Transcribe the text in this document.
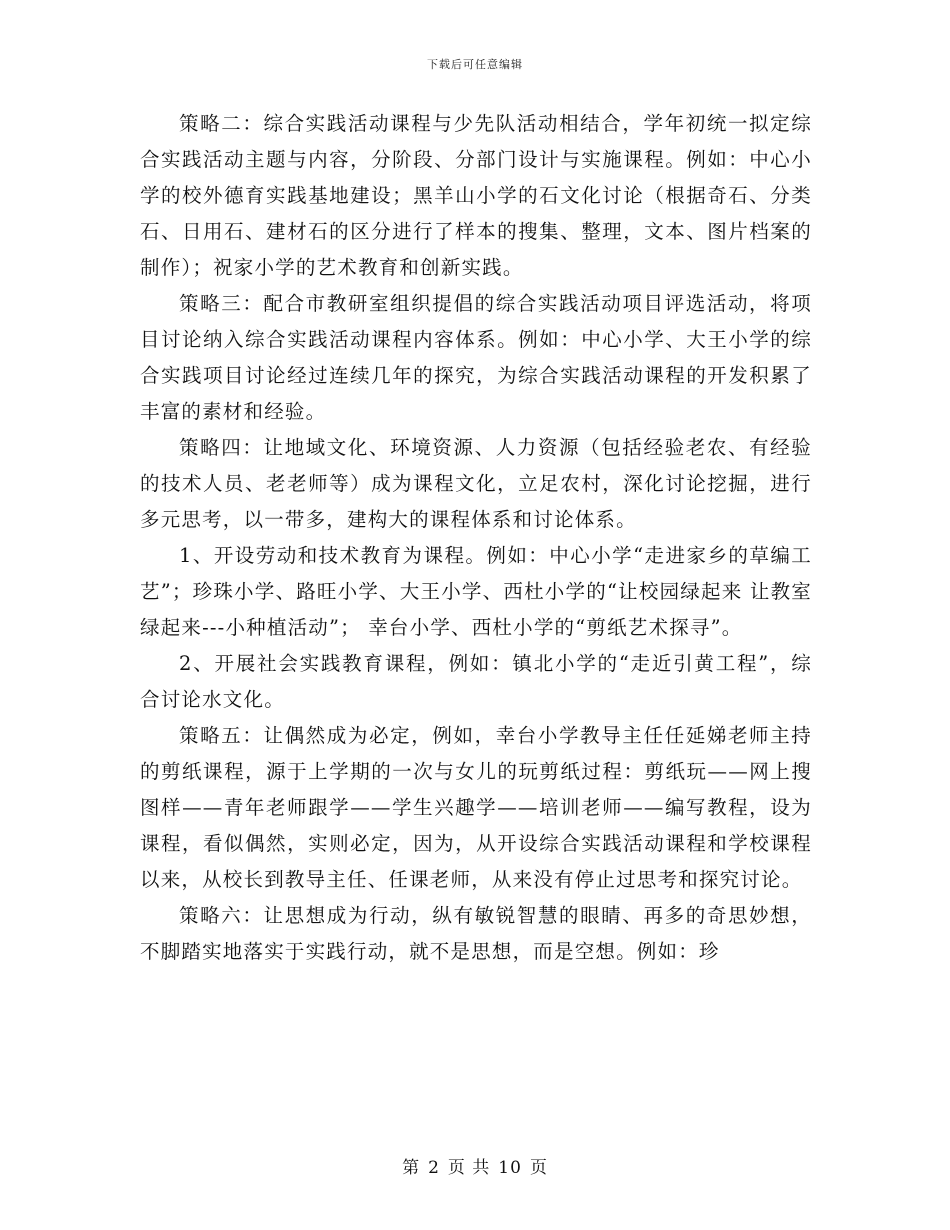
下载后可任意编辑

策略二：综合实践活动课程与少先队活动相结合，学年初统一拟定综合实践活动主题与内容，分阶段、分部门设计与实施课程。例如：中心小学的校外德育实践基地建设；黑羊山小学的石文化讨论（根据奇石、分类石、日用石、建材石的区分进行了样本的搜集、整理，文本、图片档案的制作）；祝家小学的艺术教育和创新实践。

策略三：配合市教研室组织提倡的综合实践活动项目评选活动，将项目讨论纳入综合实践活动课程内容体系。例如：中心小学、大王小学的综合实践项目讨论经过连续几年的探究，为综合实践活动课程的开发积累了丰富的素材和经验。

策略四：让地域文化、环境资源、人力资源（包括经验老农、有经验的技术人员、老老师等）成为课程文化，立足农村，深化讨论挖掘，进行多元思考，以一带多，建构大的课程体系和讨论体系。

1、开设劳动和技术教育为课程。例如：中心小学“走进家乡的草编工艺”；珍珠小学、路旺小学、大王小学、西杜小学的“让校园绿起来 让教室绿起来---小种植活动”； 幸台小学、西杜小学的“剪纸艺术探寻”。

2、开展社会实践教育课程，例如：镇北小学的“走近引黄工程”，综合讨论水文化。

策略五：让偶然成为必定，例如，幸台小学教导主任任延娣老师主持的剪纸课程，源于上学期的一次与女儿的玩剪纸过程：剪纸玩——网上搜图样——青年老师跟学——学生兴趣学——培训老师——编写教程，设为课程，看似偶然，实则必定，因为，从开设综合实践活动课程和学校课程以来，从校长到教导主任、任课老师，从来没有停止过思考和探究讨论。

策略六：让思想成为行动，纵有敏锐智慧的眼睛、再多的奇思妙想，不脚踏实地落实于实践行动，就不是思想，而是空想。例如：珍

第 2 页 共 10 页
